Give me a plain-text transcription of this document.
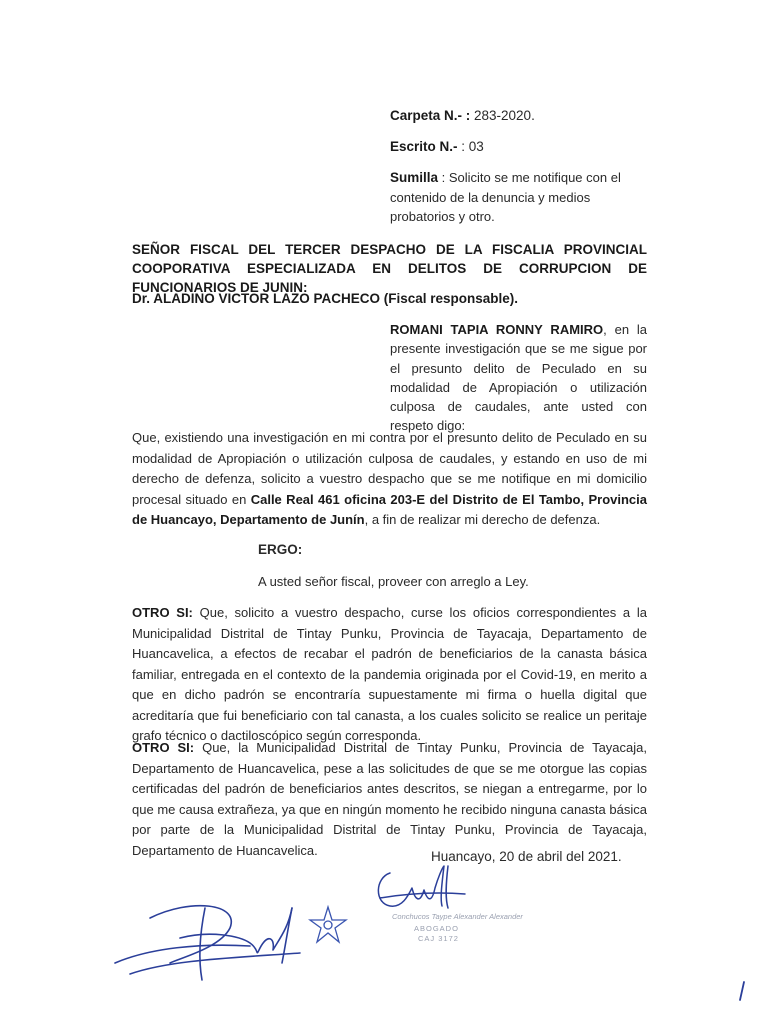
Carpeta N.- : 283-2020.
Escrito N.- : 03
Sumilla : Solicito se me notifique con el contenido de la denuncia y medios probatorios y otro.
SEÑOR FISCAL DEL TERCER DESPACHO DE LA FISCALIA PROVINCIAL COOPORATIVA ESPECIALIZADA EN DELITOS DE CORRUPCION DE FUNCIONARIOS DE JUNIN:
Dr. ALADINO VICTOR LAZO PACHECO (Fiscal responsable).
ROMANI TAPIA RONNY RAMIRO, en la presente investigación que se me sigue por el presunto delito de Peculado en su modalidad de Apropiación o utilización culposa de caudales, ante usted con respeto digo:
Que, existiendo una investigación en mi contra por el presunto delito de Peculado en su modalidad de Apropiación o utilización culposa de caudales, y estando en uso de mi derecho de defenza, solicito a vuestro despacho que se me notifique en mi domicilio procesal situado en Calle Real 461 oficina 203-E del Distrito de El Tambo, Provincia de Huancayo, Departamento de Junín, a fin de realizar mi derecho de defenza.
ERGO:
A usted señor fiscal, proveer con arreglo a Ley.
OTRO SI: Que, solicito a vuestro despacho, curse los oficios correspondientes a la Municipalidad Distrital de Tintay Punku, Provincia de Tayacaja, Departamento de Huancavelica, a efectos de recabar el padrón de beneficiarios de la canasta básica familiar, entregada en el contexto de la pandemia originada por el Covid-19, en merito a que en dicho padrón se encontraría supuestamente mi firma o huella digital que acreditaría que fui beneficiario con tal canasta, a los cuales solicito se realice un peritaje grafo técnico o dactiloscópico según corresponda.
OTRO SI: Que, la Municipalidad Distrital de Tintay Punku, Provincia de Tayacaja, Departamento de Huancavelica, pese a las solicitudes de que se me otorgue las copias certificadas del padrón de beneficiarios antes descritos, se niegan a entregarme, por lo que me causa extrañeza, ya que en ningún momento he recibido ninguna canasta básica por parte de la Municipalidad Distrital de Tintay Punku, Provincia de Tayacaja, Departamento de Huancavelica.	Huancayo, 20 de abril del 2021.
Conchucos Taype Alexander Alexander
ABOGADO
CAJ 3172
